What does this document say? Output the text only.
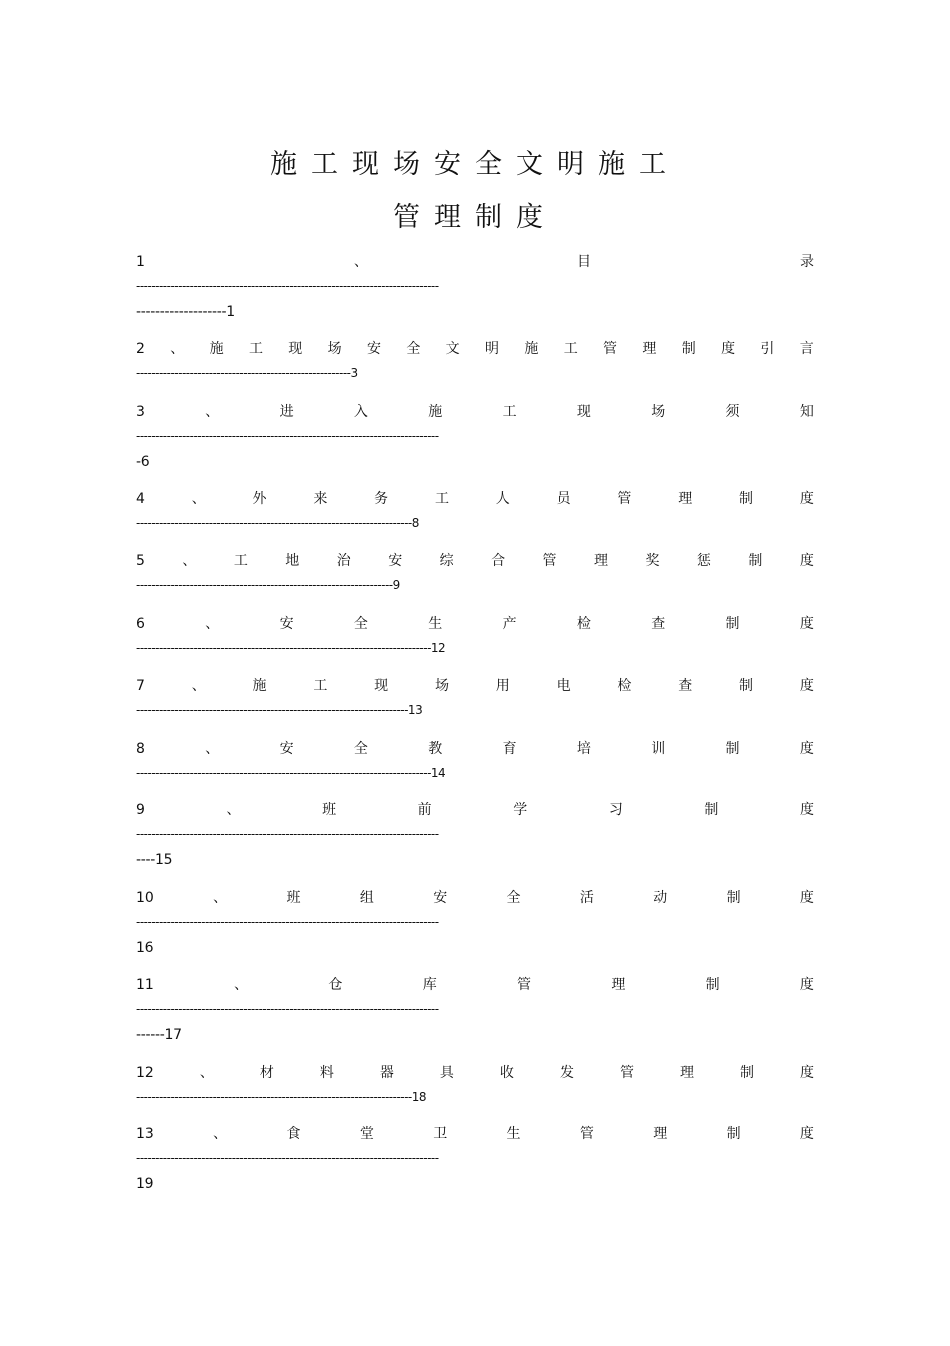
施工现场安全文明施工
管理制度
1	、	目	录
-------------------------------------------------------------------------------
-------------------1
2 、 施 工 现 场 安 全 文 明 施 工 管 理 制 度 引 言
--------------------------------------------------------3
3	、	进	入	施	工	现	场	须	知
-------------------------------------------------------------------------------
-6
4	、	外	来	务	工	人	员	管	理	制	度
------------------------------------------------------------------------8
5	、	工	地	治	安	综	合	管	理	奖	惩	制	度
-------------------------------------------------------------------9
6	、	安	全	生	产	检	查	制	度
-----------------------------------------------------------------------------12
7	、	施	工	现	场	用	电	检	查	制	度
-----------------------------------------------------------------------13
8	、	安	全	教	育	培	训	制	度
-----------------------------------------------------------------------------14
9	、	班	前	学	习	制	度
-------------------------------------------------------------------------------
----15
10	、	班	组	安	全	活	动	制	度
-------------------------------------------------------------------------------
16
11	、	仓	库	管	理	制	度
-------------------------------------------------------------------------------
------17
12	、	材	料	器	具	收	发	管	理	制	度
------------------------------------------------------------------------18
13	、	食	堂	卫	生	管	理	制	度
-------------------------------------------------------------------------------
19
